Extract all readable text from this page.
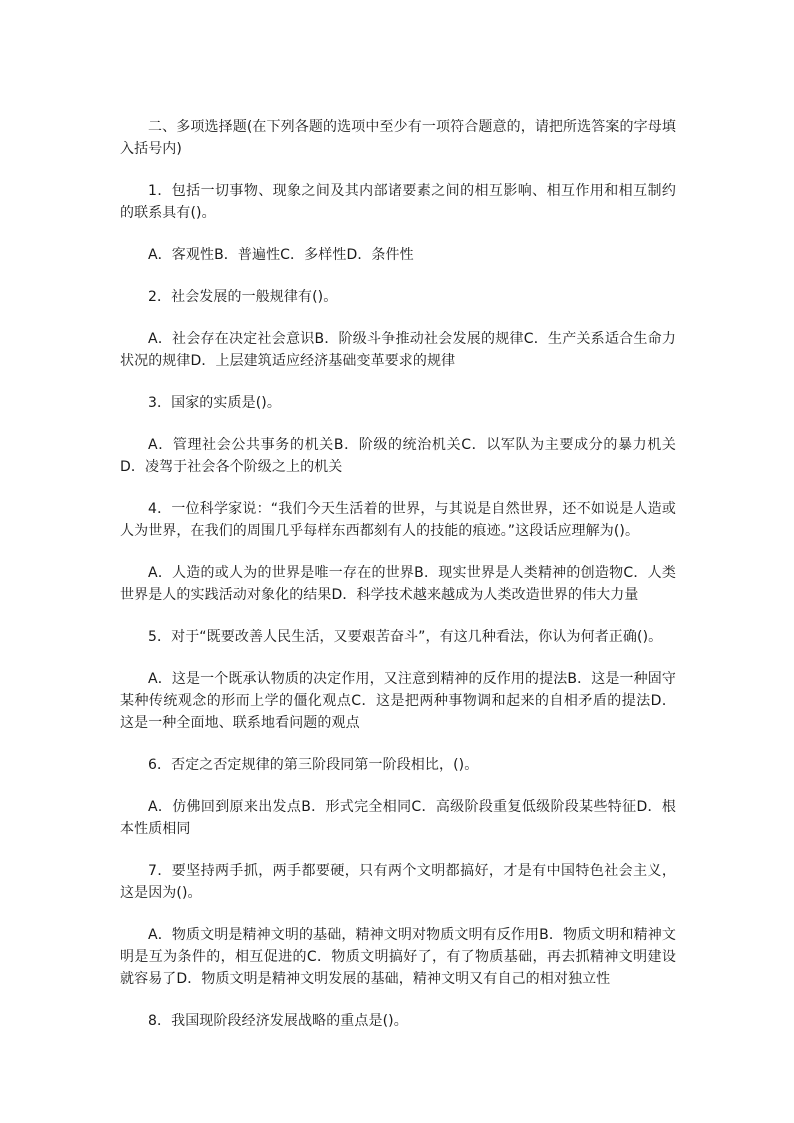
二、多项选择题(在下列各题的选项中至少有一项符合题意的，请把所选答案的字母填入括号内)

1．包括一切事物、现象之间及其内部诸要素之间的相互影响、相互作用和相互制约的联系具有()。

A．客观性B．普遍性C．多样性D．条件性

2．社会发展的一般规律有()。

A．社会存在决定社会意识B．阶级斗争推动社会发展的规律C．生产关系适合生命力状况的规律D．上层建筑适应经济基础变革要求的规律

3．国家的实质是()。

A．管理社会公共事务的机关B．阶级的统治机关C．以军队为主要成分的暴力机关D．凌驾于社会各个阶级之上的机关

4．一位科学家说：“我们今天生活着的世界，与其说是自然世界，还不如说是人造或人为世界，在我们的周围几乎每样东西都刻有人的技能的痕迹。”这段话应理解为()。

A．人造的或人为的世界是唯一存在的世界B．现实世界是人类精神的创造物C．人类世界是人的实践活动对象化的结果D．科学技术越来越成为人类改造世界的伟大力量

5．对于“既要改善人民生活，又要艰苦奋斗”，有这几种看法，你认为何者正确()。

A．这是一个既承认物质的决定作用，又注意到精神的反作用的提法B．这是一种固守某种传统观念的形而上学的僵化观点C．这是把两种事物调和起来的自相矛盾的提法D．这是一种全面地、联系地看问题的观点

6．否定之否定规律的第三阶段同第一阶段相比，()。

A．仿佛回到原来出发点B．形式完全相同C．高级阶段重复低级阶段某些特征D．根本性质相同

7．要坚持两手抓，两手都要硬，只有两个文明都搞好，才是有中国特色社会主义，这是因为()。

A．物质文明是精神文明的基础，精神文明对物质文明有反作用B．物质文明和精神文明是互为条件的，相互促进的C．物质文明搞好了，有了物质基础，再去抓精神文明建设就容易了D．物质文明是精神文明发展的基础，精神文明又有自己的相对独立性

8．我国现阶段经济发展战略的重点是()。
